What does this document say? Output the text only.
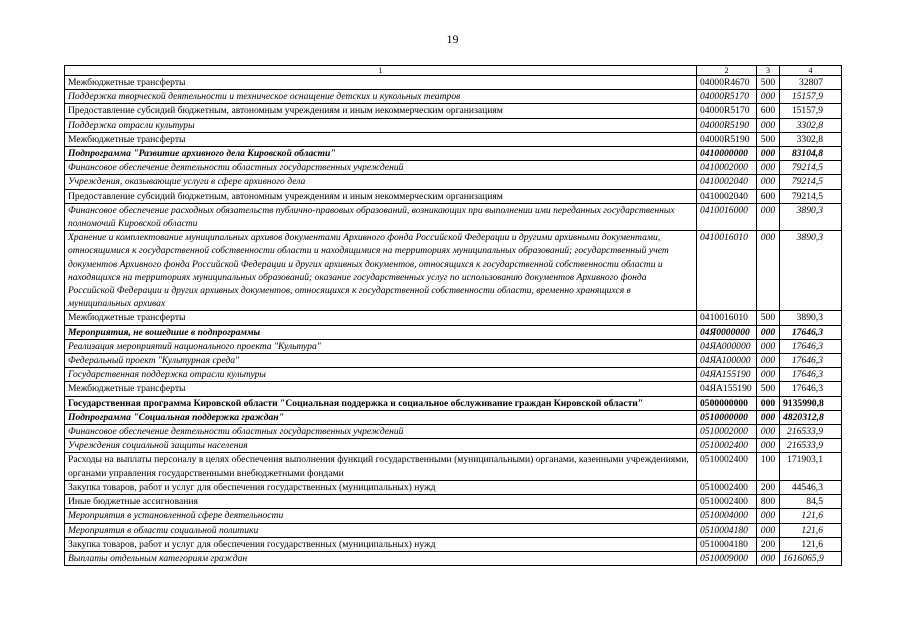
19
1	2	3	4
Межбюджетные трансферты	04000R4670	500	32807
Поддержка творческой деятельности и техническое оснащение детских и кукольных театров	04000R5170	000	15157,9
Предоставление субсидий бюджетным, автономным учреждениям и иным некоммерческим организациям	04000R5170	600	15157,9
Поддержка отрасли культуры	04000R5190	000	3302,8
Межбюджетные трансферты	04000R5190	500	3302,8
Подпрограмма "Развитие архивного дела Кировской области"	0410000000	000	83104,8
Финансовое обеспечение деятельности областных государственных учреждений	0410002000	000	79214,5
Учреждения, оказывающие услуги в сфере архивного дела	0410002040	000	79214,5
Предоставление субсидий бюджетным, автономным учреждениям и иным некоммерческим организациям	0410002040	600	79214,5
Финансовое обеспечение расходных обязательств публично-правовых образований, возникающих при выполнении ими переданных государственных полномочий Кировской области	0410016000	000	3890,3
Хранение и комплектование муниципальных архивов документами Архивного фонда Российской Федерации и другими архивными документами, относящимися к государственной собственности области и находящимися на территориях муниципальных образований; государственный учет документов Архивного фонда Российской Федерации и других архивных документов, относящихся к государственной собственности области и находящихся на территориях муниципальных образований; оказание государственных услуг по использованию документов Архивного фонда Российской Федерации и других архивных документов, относящихся к государственной собственности области, временно хранящихся в муниципальных архивах	0410016010	000	3890,3
Межбюджетные трансферты	0410016010	500	3890,3
Мероприятия, не вошедшие в подпрограммы	04Я0000000	000	17646,3
Реализация мероприятий национального проекта "Культура"	04ЯA000000	000	17646,3
Федеральный проект "Культурная среда"	04ЯA100000	000	17646,3
Государственная поддержка отрасли культуры	04ЯA155190	000	17646,3
Межбюджетные трансферты	04ЯA155190	500	17646,3
Государственная программа Кировской области "Социальная поддержка и социальное обслуживание граждан Кировской области"	0500000000	000	9135990,8
Подпрограмма "Социальная поддержка граждан"	0510000000	000	4820312,8
Финансовое обеспечение деятельности областных государственных учреждений	0510002000	000	216533,9
Учреждения социальной защиты населения	0510002400	000	216533,9
Расходы на выплаты персоналу в целях обеспечения выполнения функций государственными (муниципальными) органами, казенными учреждениями, органами управления государственными внебюджетными фондами	0510002400	100	171903,1
Закупка товаров, работ и услуг для обеспечения государственных (муниципальных) нужд	0510002400	200	44546,3
Иные бюджетные ассигнования	0510002400	800	84,5
Мероприятия в установленной сфере деятельности	0510004000	000	121,6
Мероприятия в области социальной политики	0510004180	000	121,6
Закупка товаров, работ и услуг для обеспечения государственных (муниципальных) нужд	0510004180	200	121,6
Выплаты отдельным категориям граждан	0510009000	000	1616065,9
